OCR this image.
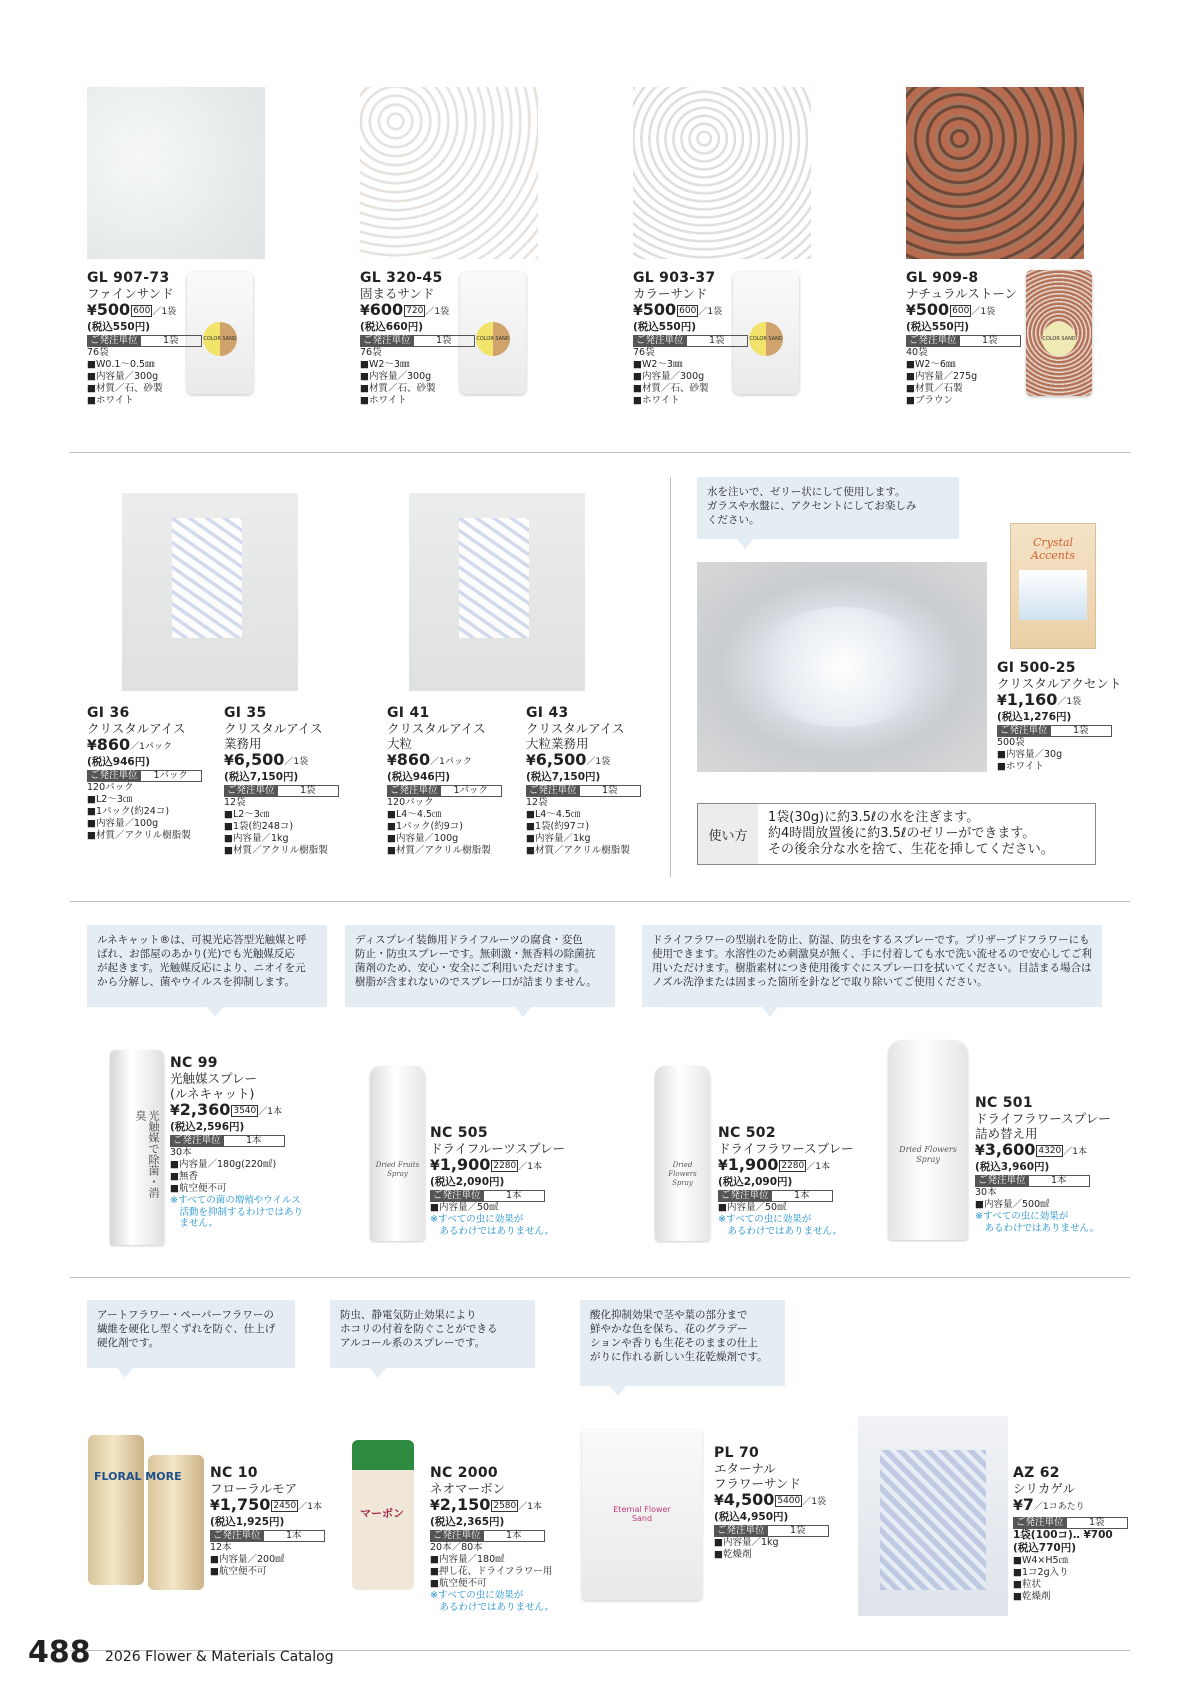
COLOR SAND
GL 907-73
ファインサンド
¥500 600 ／1袋
(税込550円)
ご発注単位	1袋
76袋
■W0.1～0.5㎜
■内容量／300g
■材質／石、砂製
■ホワイト
COLOR SAND
GL 320-45
固まるサンド
¥600 720 ／1袋
(税込660円)
ご発注単位	1袋
76袋
■W2～3㎜
■内容量／300g
■材質／石、砂製
■ホワイト
COLOR SAND
GL 903-37
カラーサンド
¥500 600 ／1袋
(税込550円)
ご発注単位	1袋
76袋
■W2～3㎜
■内容量／300g
■材質／石、砂製
■ホワイト
COLOR SAND
GL 909-8
ナチュラルストーン
¥500 600 ／1袋
(税込550円)
ご発注単位	1袋
40袋
■W2～6㎜
■内容量／275g
■材質／石製
■ブラウン
GI 36
クリスタルアイス
¥860／1パック
(税込946円)
ご発注単位	1パック
120パック
■L2～3㎝
■1パック(約24コ)
■内容量／100g
■材質／アクリル樹脂製
GI 35
クリスタルアイス
業務用
¥6,500／1袋
(税込7,150円)
ご発注単位	1袋
12袋
■L2～3㎝
■1袋(約248コ)
■内容量／1kg
■材質／アクリル樹脂製
GI 41
クリスタルアイス
大粒
¥860／1パック
(税込946円)
ご発注単位	1パック
120パック
■L4～4.5㎝
■1パック(約9コ)
■内容量／100g
■材質／アクリル樹脂製
GI 43
クリスタルアイス
大粒業務用
¥6,500／1袋
(税込7,150円)
ご発注単位	1袋
12袋
■L4～4.5㎝
■1袋(約97コ)
■内容量／1kg
■材質／アクリル樹脂製
水を注いで、ゼリー状にして使用します。
ガラスや水盤に、アクセントにしてお楽しみ
ください。
Crystal Accents
GI 500-25
クリスタルアクセント
¥1,160／1袋
(税込1,276円)
ご発注単位	1袋
500袋
■内容量／30g
■ホワイト
使い方
1袋(30g)に約3.5ℓの水を注ぎます。
約4時間放置後に約3.5ℓのゼリーができます。
その後余分な水を捨て、生花を挿してください。
ルネキャット®は、可視光応答型光触媒と呼
ばれ、お部屋のあかり(光)でも光触媒反応
が起きます。光触媒反応により、ニオイを元
から分解し、菌やウイルスを抑制します。
ディスプレイ装飾用ドライフルーツの腐食・変色
防止・防虫スプレーです。無刺激・無香料の除菌抗
菌剤のため、安心・安全にご利用いただけます。
樹脂が含まれないのでスプレー口が詰まりません。
ドライフラワーの型崩れを防止、防湿、防虫をするスプレーです。プリザーブドフラワーにも使用できます。水溶性のため刺激臭が無く、手に付着しても水で洗い流せるので安心してご利用いただけます。樹脂素材につき使用後すぐにスプレー口を拭いてください。目詰まる場合はノズル洗浄または固まった箇所を針などで取り除いてご使用ください。
光触媒で除菌・消臭
Dried Fruits Spray
Dried Flowers Spray
Dried Flowers Spray
NC 99
光触媒スプレー
(ルネキャット)
¥2,360 3540 ／1本
(税込2,596円)
ご発注単位	1本
30本
■内容量／180g(220㎖)
■無香
■航空便不可
※すべての菌の増殖やウイルス
　活動を抑制するわけではあり
　ません。
NC 505
ドライフルーツスプレー
¥1,900 2280 ／1本
(税込2,090円)
ご発注単位	1本
■内容量／50㎖
※すべての虫に効果が
　あるわけではありません。
NC 502
ドライフラワースプレー
¥1,900 2280 ／1本
(税込2,090円)
ご発注単位	1本
■内容量／50㎖
※すべての虫に効果が
　あるわけではありません。
NC 501
ドライフラワースプレー
詰め替え用
¥3,600 4320 ／1本
(税込3,960円)
ご発注単位	1本
30本
■内容量／500㎖
※すべての虫に効果が
　あるわけではありません。
アートフラワー・ペーパーフラワーの
繊維を硬化し型くずれを防ぐ、仕上げ
硬化剤です。
防虫、静電気防止効果により
ホコリの付着を防ぐことができる
アルコール系のスプレーです。
酸化抑制効果で茎や葉の部分まで
鮮やかな色を保ち、花のグラデー
ションや香りも生花そのままの仕上
がりに作れる新しい生花乾燥剤です。
FLORAL MORE
マーボン	Eternal Flower Sand
NC 10
フローラルモア
¥1,750 2450 ／1本
(税込1,925円)
ご発注単位	1本
12本
■内容量／200㎖
■航空便不可
NC 2000
ネオマーボン
¥2,150 2580 ／1本
(税込2,365円)
ご発注単位	1本
20本／80本
■内容量／180㎖
■押し花、ドライフラワー用
■航空便不可
※すべての虫に効果が
　あるわけではありません。
PL 70
エターナル
フラワーサンド
¥4,500 5400 ／1袋
(税込4,950円)
ご発注単位	1袋
■内容量／1kg
■乾燥剤
AZ 62
シリカゲル
¥7／1コあたり
ご発注単位	1袋
1袋(100コ)‥ ¥700
(税込770円)
■W4×H5㎝
■1コ2g入り
■粒状
■乾燥剤
488 2026 Flower & Materials Catalog
